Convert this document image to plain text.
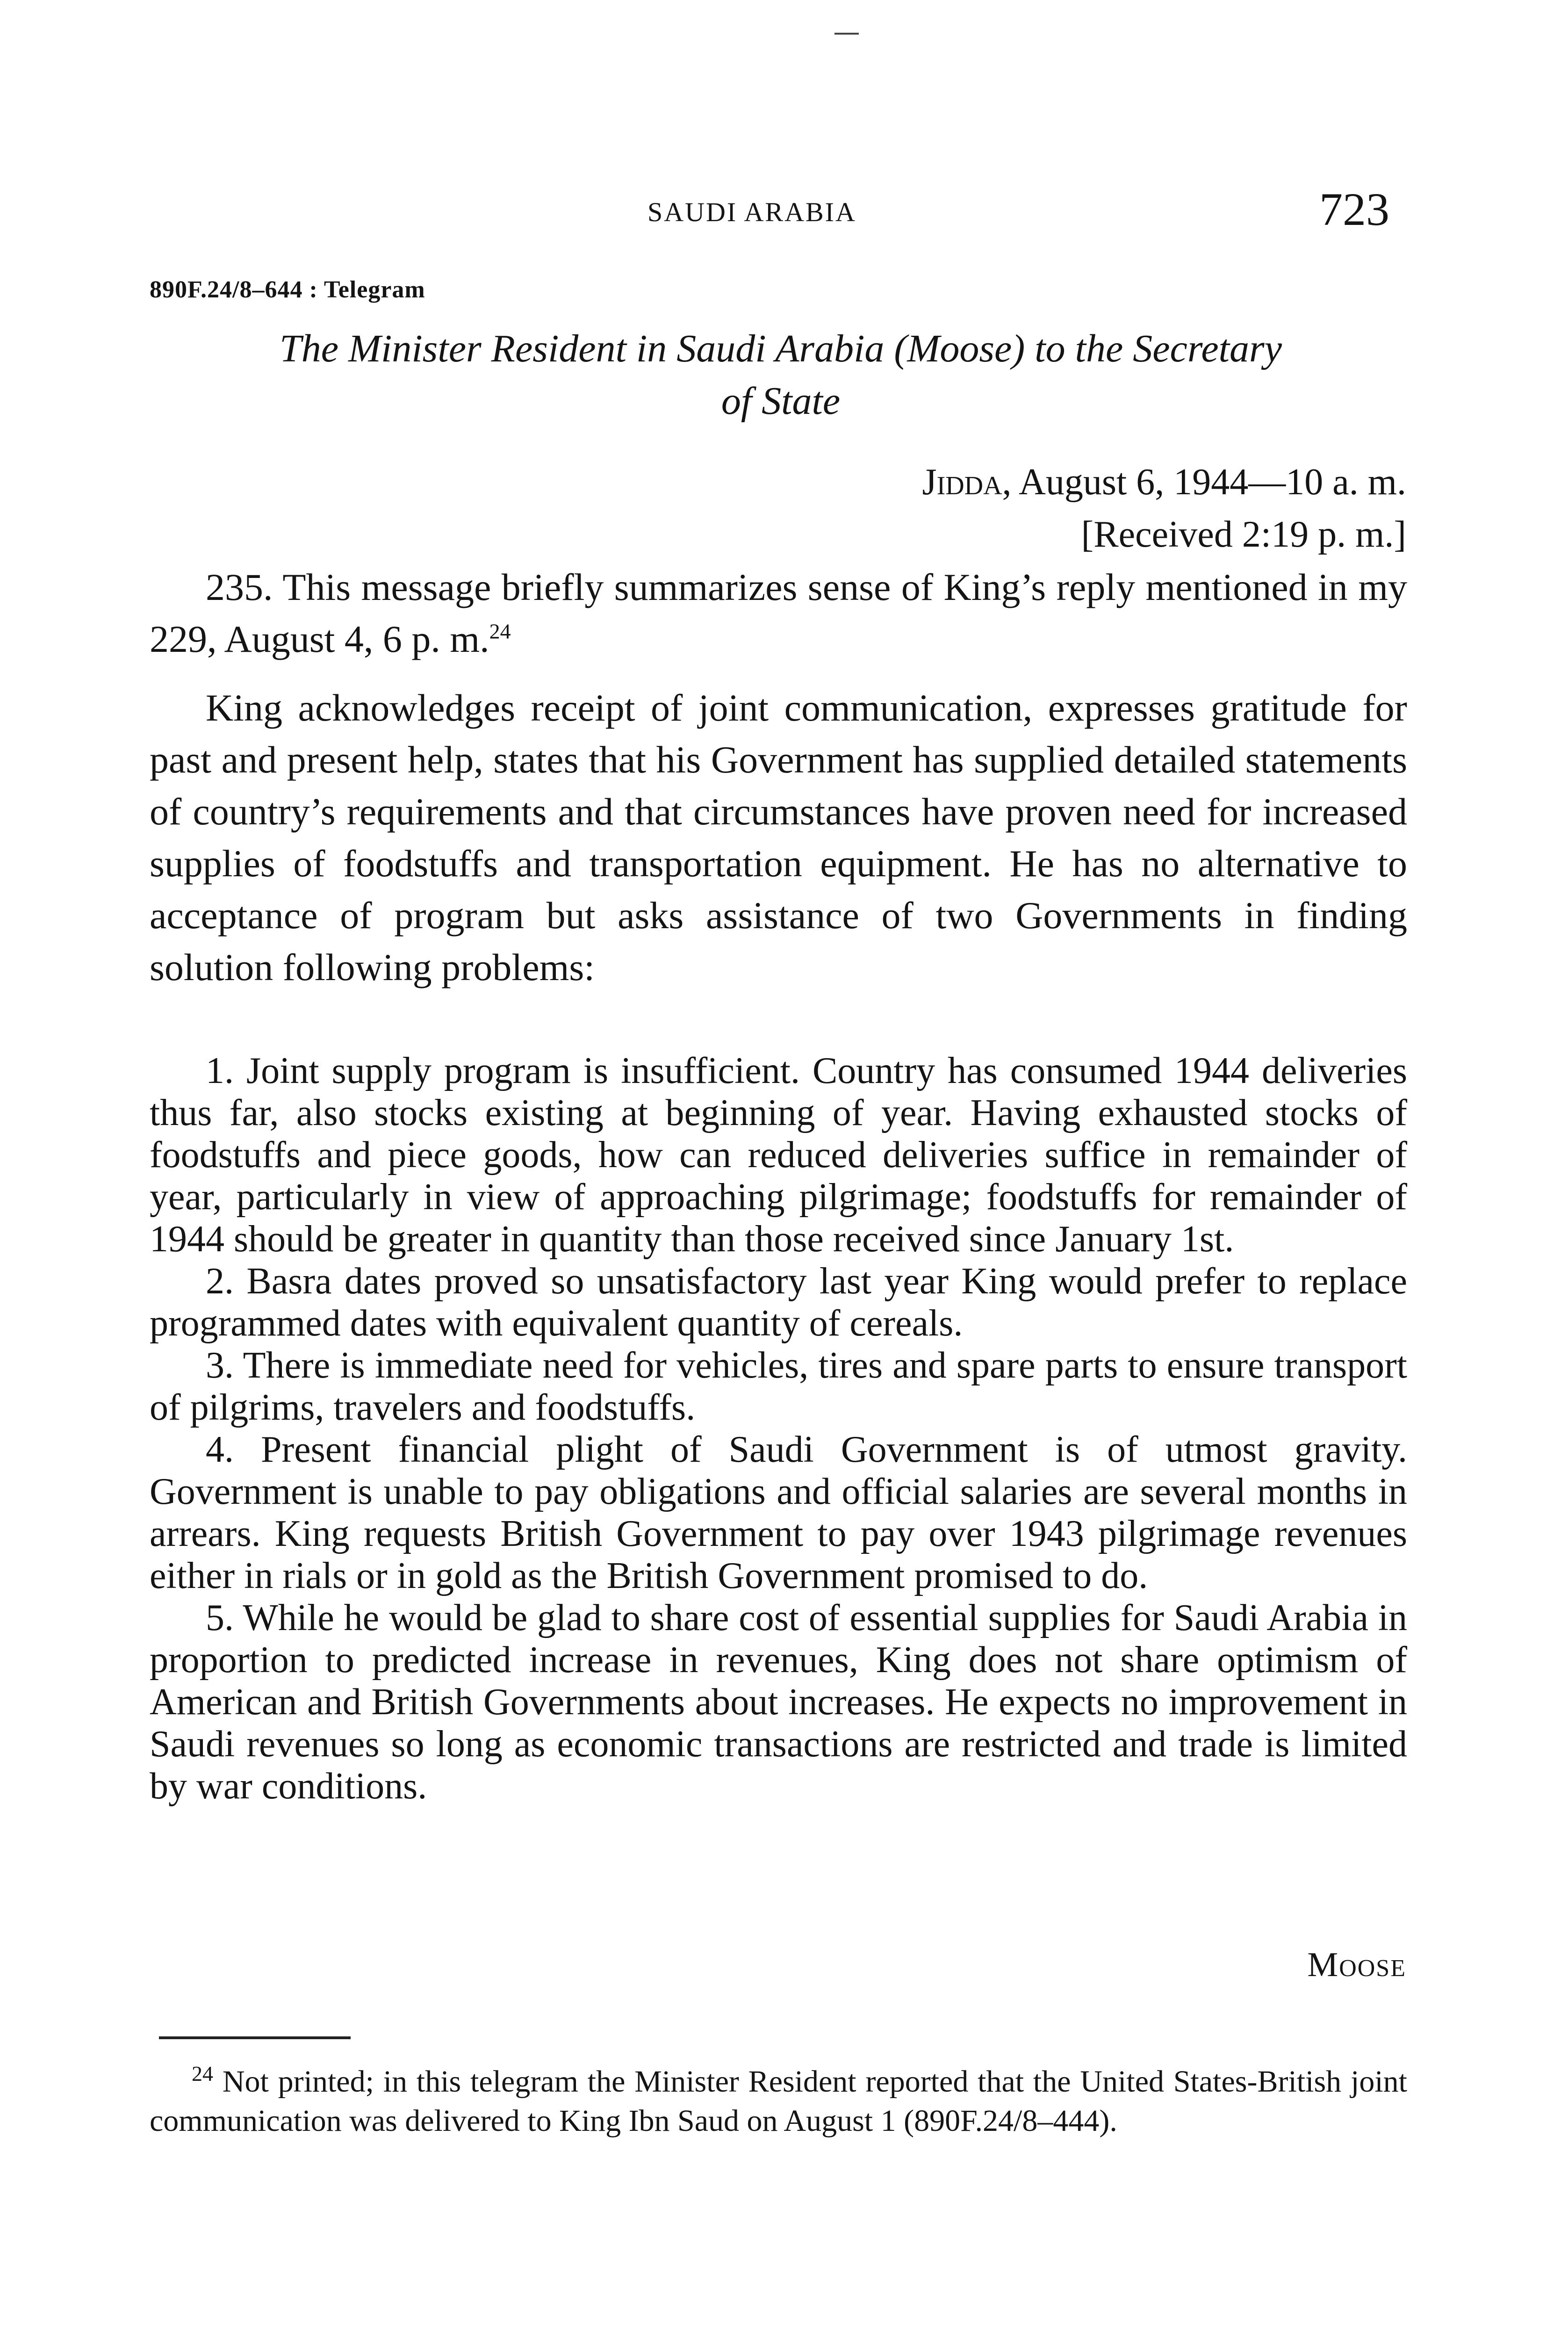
SAUDI ARABIA	723
890F.24/8–644 : Telegram
The Minister Resident in Saudi Arabia (Moose) to the Secretary
of State
Jidda, August 6, 1944—10 a. m.
[Received 2:19 p. m.]

235. This message briefly summarizes sense of King’s reply mentioned in my 229, August 4, 6 p. m.$^{24}$

King acknowledges receipt of joint communication, expresses gratitude for past and present help, states that his Government has supplied detailed statements of country’s requirements and that circumstances have proven need for increased supplies of foodstuffs and transportation equipment. He has no alternative to acceptance of program but asks assistance of two Governments in finding solution following problems:

1. Joint supply program is insufficient. Country has consumed 1944 deliveries thus far, also stocks existing at beginning of year. Having exhausted stocks of foodstuffs and piece goods, how can reduced deliveries suffice in remainder of year, particularly in view of approaching pilgrimage; foodstuffs for remainder of 1944 should be greater in quantity than those received since January 1st.

2. Basra dates proved so unsatisfactory last year King would prefer to replace programmed dates with equivalent quantity of cereals.

3. There is immediate need for vehicles, tires and spare parts to ensure transport of pilgrims, travelers and foodstuffs.

4. Present financial plight of Saudi Government is of utmost gravity. Government is unable to pay obligations and official salaries are several months in arrears. King requests British Government to pay over 1943 pilgrimage revenues either in rials or in gold as the British Government promised to do.

5. While he would be glad to share cost of essential supplies for Saudi Arabia in proportion to predicted increase in revenues, King does not share optimism of American and British Governments about increases. He expects no improvement in Saudi revenues so long as economic transactions are restricted and trade is limited by war conditions.

Moose

$^{24}$ Not printed; in this telegram the Minister Resident reported that the United States-British joint communication was delivered to King Ibn Saud on August 1 (890F.24/8–444).
